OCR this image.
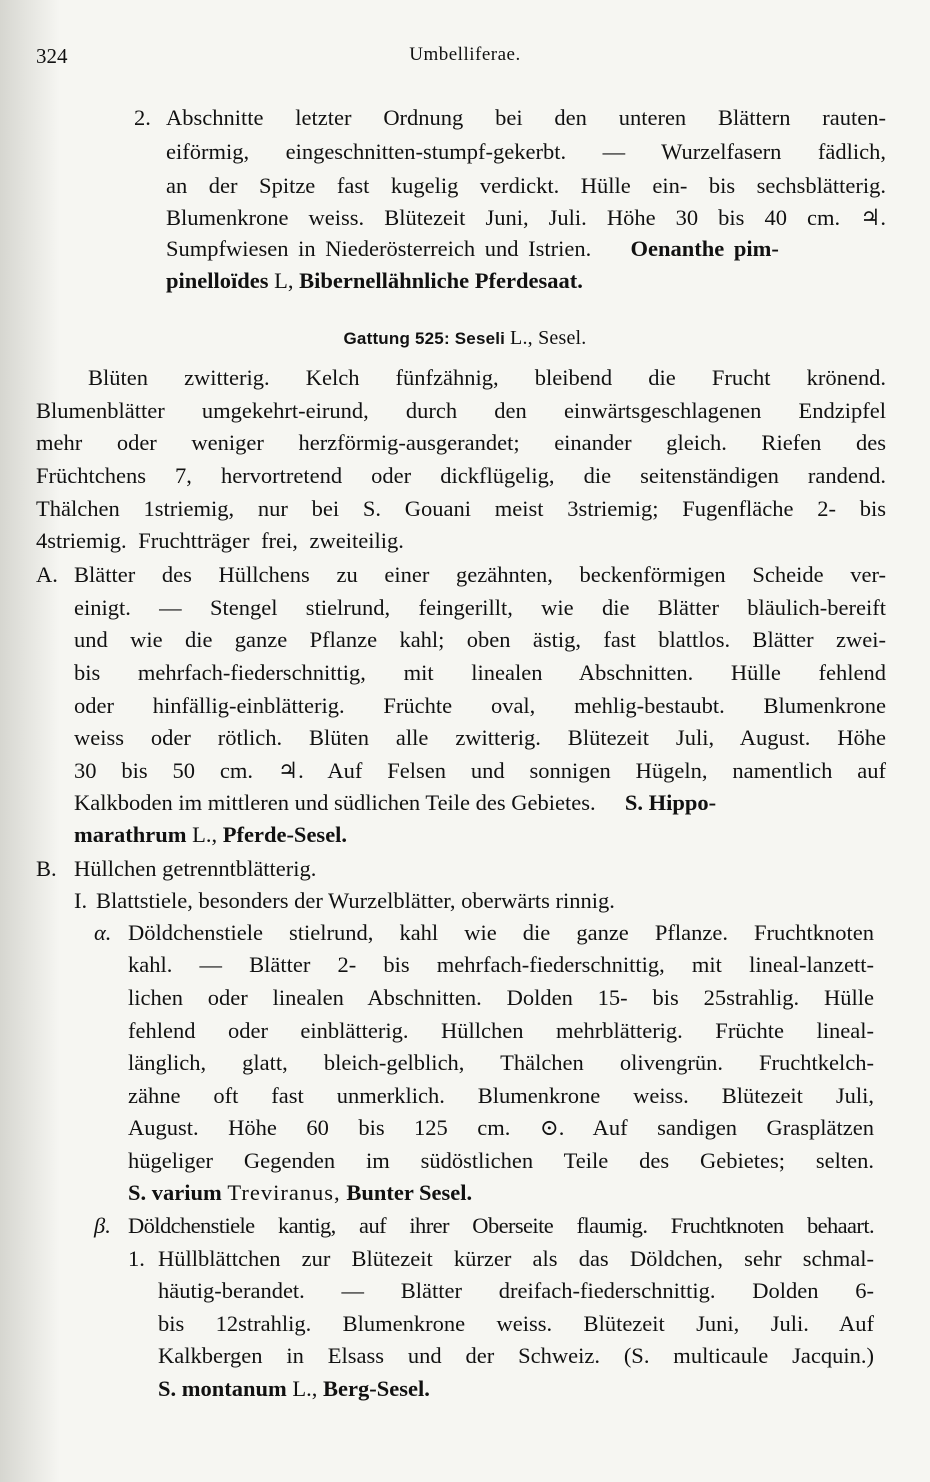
324	Umbelliferae.
2. Abschnitte letzter Ordnung bei den unteren Blättern rauten-
eiförmig, eingeschnitten-stumpf-gekerbt. — Wurzelfasern fädlich,
an der Spitze fast kugelig verdickt. Hülle ein- bis sechsblätterig.
Blumenkrone weiss. Blütezeit Juni, Juli. Höhe 30 bis 40 cm. ♃.
Sumpfwiesen in Niederösterreich und Istrien. Oenanthe pim-
pinelloïdes L, Bibernellähnliche Pferdesaat.
Gattung 525: Seseli L., Sesel.
Blüten zwitterig. Kelch fünfzähnig, bleibend die Frucht krönend.
Blumenblätter umgekehrt-eirund, durch den einwärtsgeschlagenen Endzipfel
mehr oder weniger herzförmig-ausgerandet; einander gleich. Riefen des
Früchtchens 7, hervortretend oder dickflügelig, die seitenständigen randend.
Thälchen 1striemig, nur bei S. Gouani meist 3striemig; Fugenfläche 2- bis
4striemig. Fruchtträger frei, zweiteilig.
A. Blätter des Hüllchens zu einer gezähnten, beckenförmigen Scheide ver-
einigt. — Stengel stielrund, feingerillt, wie die Blätter bläulich-bereift
und wie die ganze Pflanze kahl; oben ästig, fast blattlos. Blätter zwei-
bis mehrfach-fiederschnittig, mit linealen Abschnitten. Hülle fehlend
oder hinfällig-einblätterig. Früchte oval, mehlig-bestaubt. Blumenkrone
weiss oder rötlich. Blüten alle zwitterig. Blütezeit Juli, August. Höhe
30 bis 50 cm. ♃. Auf Felsen und sonnigen Hügeln, namentlich auf
Kalkboden im mittleren und südlichen Teile des Gebietes. S. Hippo-
marathrum L., Pferde-Sesel.
B. Hüllchen getrenntblätterig.
I. Blattstiele, besonders der Wurzelblätter, oberwärts rinnig.
α. Döldchenstiele stielrund, kahl wie die ganze Pflanze. Fruchtknoten
kahl. — Blätter 2- bis mehrfach-fiederschnittig, mit lineal-lanzett-
lichen oder linealen Abschnitten. Dolden 15- bis 25strahlig. Hülle
fehlend oder einblätterig. Hüllchen mehrblätterig. Früchte lineal-
länglich, glatt, bleich-gelblich, Thälchen olivengrün. Fruchtkelch-
zähne oft fast unmerklich. Blumenkrone weiss. Blütezeit Juli,
August. Höhe 60 bis 125 cm. ⊙. Auf sandigen Grasplätzen
hügeliger Gegenden im südöstlichen Teile des Gebietes; selten.
S. varium Treviranus, Bunter Sesel.
β. Döldchenstiele kantig, auf ihrer Oberseite flaumig. Fruchtknoten behaart.
1. Hüllblättchen zur Blütezeit kürzer als das Döldchen, sehr schmal-
häutig-berandet. — Blätter dreifach-fiederschnittig. Dolden 6-
bis 12strahlig. Blumenkrone weiss. Blütezeit Juni, Juli. Auf
Kalkbergen in Elsass und der Schweiz. (S. multicaule Jacquin.)
S. montanum L., Berg-Sesel.
